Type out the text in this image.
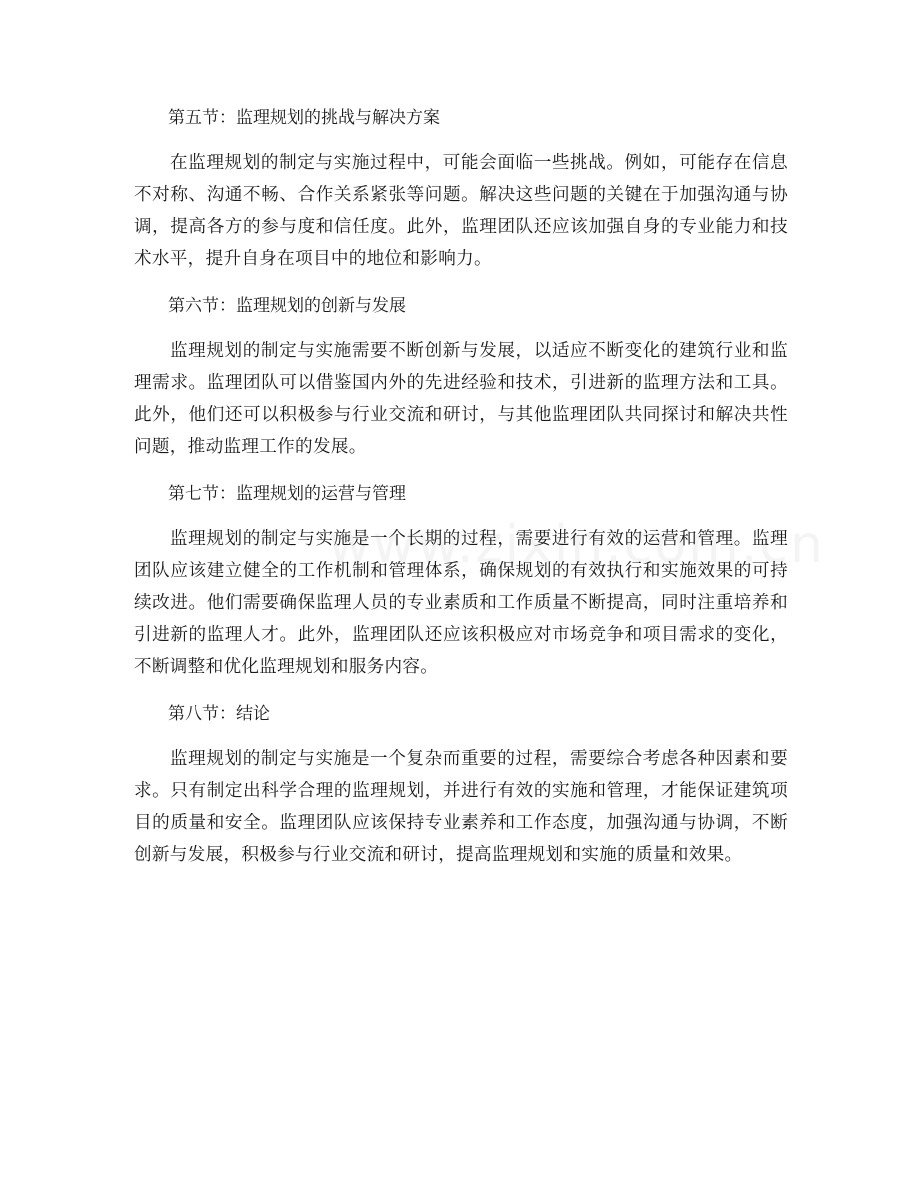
第五节：监理规划的挑战与解决方案

在监理规划的制定与实施过程中，可能会面临一些挑战。例如，可能存在信息不对称、沟通不畅、合作关系紧张等问题。解决这些问题的关键在于加强沟通与协调，提高各方的参与度和信任度。此外，监理团队还应该加强自身的专业能力和技术水平，提升自身在项目中的地位和影响力。

第六节：监理规划的创新与发展

监理规划的制定与实施需要不断创新与发展，以适应不断变化的建筑行业和监理需求。监理团队可以借鉴国内外的先进经验和技术，引进新的监理方法和工具。此外，他们还可以积极参与行业交流和研讨，与其他监理团队共同探讨和解决共性问题，推动监理工作的发展。

第七节：监理规划的运营与管理

监理规划的制定与实施是一个长期的过程，需要进行有效的运营和管理。监理团队应该建立健全的工作机制和管理体系，确保规划的有效执行和实施效果的可持续改进。他们需要确保监理人员的专业素质和工作质量不断提高，同时注重培养和引进新的监理人才。此外，监理团队还应该积极应对市场竞争和项目需求的变化，不断调整和优化监理规划和服务内容。

第八节：结论

监理规划的制定与实施是一个复杂而重要的过程，需要综合考虑各种因素和要求。只有制定出科学合理的监理规划，并进行有效的实施和管理，才能保证建筑项目的质量和安全。监理团队应该保持专业素养和工作态度，加强沟通与协调，不断创新与发展，积极参与行业交流和研讨，提高监理规划和实施的质量和效果。
